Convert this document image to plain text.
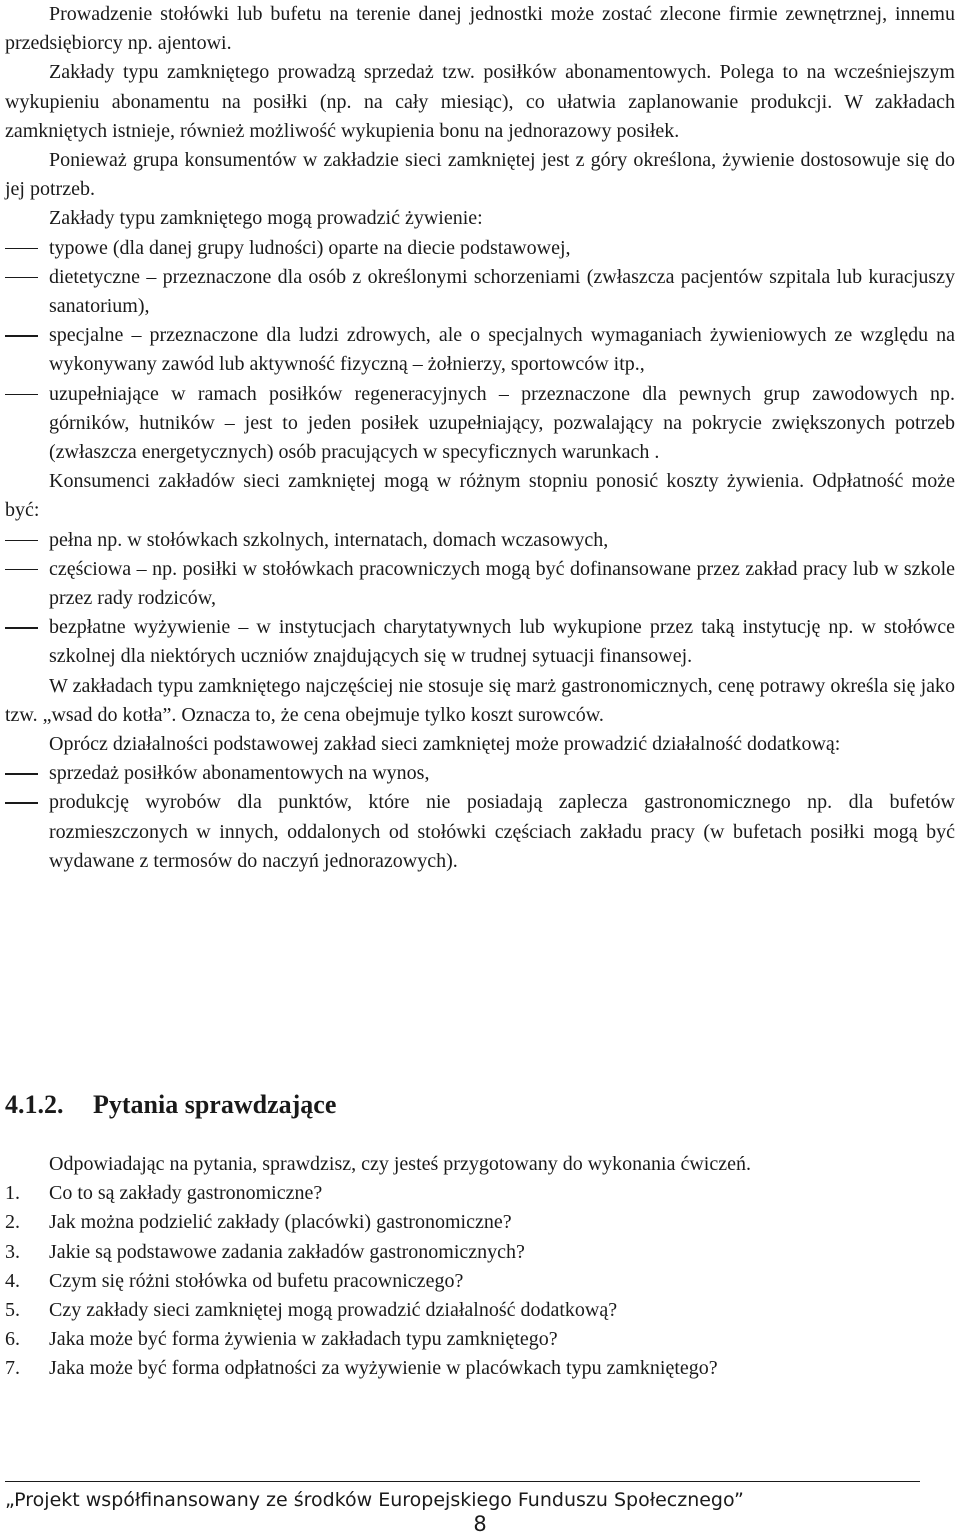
Prowadzenie stołówki lub bufetu na terenie danej jednostki może zostać zlecone firmie zewnętrznej, innemu przedsiębiorcy np. ajentowi.
Zakłady typu zamkniętego prowadzą sprzedaż tzw. posiłków abonamentowych. Polega to na wcześniejszym wykupieniu abonamentu na posiłki (np. na cały miesiąc), co ułatwia zaplanowanie produkcji. W zakładach zamkniętych istnieje, również możliwość wykupienia bonu na jednorazowy posiłek.
Ponieważ grupa konsumentów w zakładzie sieci zamkniętej jest z góry określona, żywienie dostosowuje się do jej potrzeb.
Zakłady typu zamkniętego mogą prowadzić żywienie:
typowe (dla danej grupy ludności) oparte na diecie podstawowej,
dietetyczne – przeznaczone dla osób z określonymi schorzeniami (zwłaszcza pacjentów szpitala lub kuracjuszy sanatorium),
specjalne – przeznaczone dla ludzi zdrowych, ale o specjalnych wymaganiach żywieniowych ze względu na wykonywany zawód lub aktywność fizyczną – żołnierzy, sportowców itp.,
uzupełniające w ramach posiłków regeneracyjnych – przeznaczone dla pewnych grup zawodowych np. górników, hutników – jest to jeden posiłek uzupełniający, pozwalający na pokrycie zwiększonych potrzeb (zwłaszcza energetycznych) osób pracujących w specyficznych warunkach .
Konsumenci zakładów sieci zamkniętej mogą w różnym stopniu ponosić koszty żywienia. Odpłatność może być:
pełna np. w stołówkach szkolnych, internatach, domach wczasowych,
częściowa – np. posiłki w stołówkach pracowniczych mogą być dofinansowane przez zakład pracy lub w szkole przez rady rodziców,
bezpłatne wyżywienie – w instytucjach charytatywnych lub wykupione przez taką instytucję np. w stołówce szkolnej dla niektórych uczniów znajdujących się w trudnej sytuacji finansowej.
W zakładach typu zamkniętego najczęściej nie stosuje się marż gastronomicznych, cenę potrawy określa się jako tzw. „wsad do kotła”. Oznacza to, że cena obejmuje tylko koszt surowców.
Oprócz działalności podstawowej zakład sieci zamkniętej może prowadzić działalność dodatkową:
sprzedaż posiłków abonamentowych na wynos,
produkcję wyrobów dla punktów, które nie posiadają zaplecza gastronomicznego np. dla bufetów rozmieszczonych w innych, oddalonych od stołówki częściach zakładu pracy (w bufetach posiłki mogą być wydawane z termosów do naczyń jednorazowych).
4.1.2. Pytania sprawdzające
Odpowiadając na pytania, sprawdzisz, czy jesteś przygotowany do wykonania ćwiczeń.
1. Co to są zakłady gastronomiczne?
2. Jak można podzielić zakłady (placówki) gastronomiczne?
3. Jakie są podstawowe zadania zakładów gastronomicznych?
4. Czym się różni stołówka od bufetu pracowniczego?
5. Czy zakłady sieci zamkniętej mogą prowadzić działalność dodatkową?
6. Jaka może być forma żywienia w zakładach typu zamkniętego?
7. Jaka może być forma odpłatności za wyżywienie w placówkach typu zamkniętego?
„Projekt współfinansowany ze środków Europejskiego Funduszu Społecznego”
8
